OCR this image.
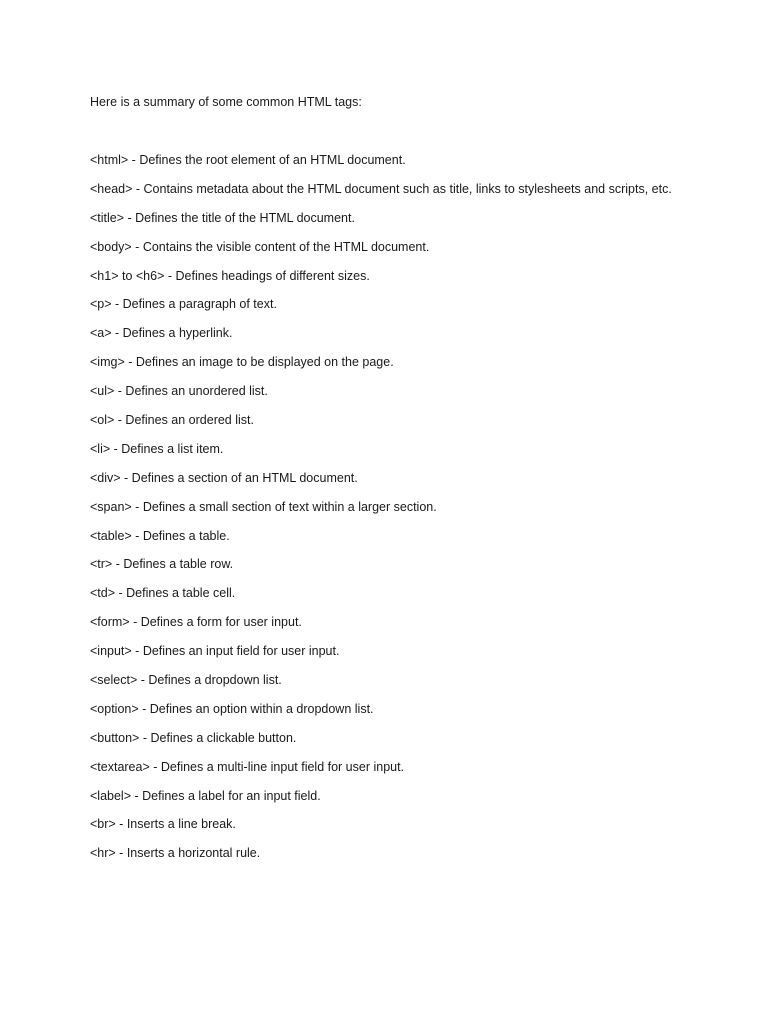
Here is a summary of some common HTML tags:

<html> - Defines the root element of an HTML document.
<head> - Contains metadata about the HTML document such as title, links to stylesheets and scripts, etc.
<title> - Defines the title of the HTML document.
<body> - Contains the visible content of the HTML document.
<h1> to <h6> - Defines headings of different sizes.
<p> - Defines a paragraph of text.
<a> - Defines a hyperlink.
<img> - Defines an image to be displayed on the page.
<ul> - Defines an unordered list.
<ol> - Defines an ordered list.
<li> - Defines a list item.
<div> - Defines a section of an HTML document.
<span> - Defines a small section of text within a larger section.
<table> - Defines a table.
<tr> - Defines a table row.
<td> - Defines a table cell.
<form> - Defines a form for user input.
<input> - Defines an input field for user input.
<select> - Defines a dropdown list.
<option> - Defines an option within a dropdown list.
<button> - Defines a clickable button.
<textarea> - Defines a multi-line input field for user input.
<label> - Defines a label for an input field.
<br> - Inserts a line break.
<hr> - Inserts a horizontal rule.
